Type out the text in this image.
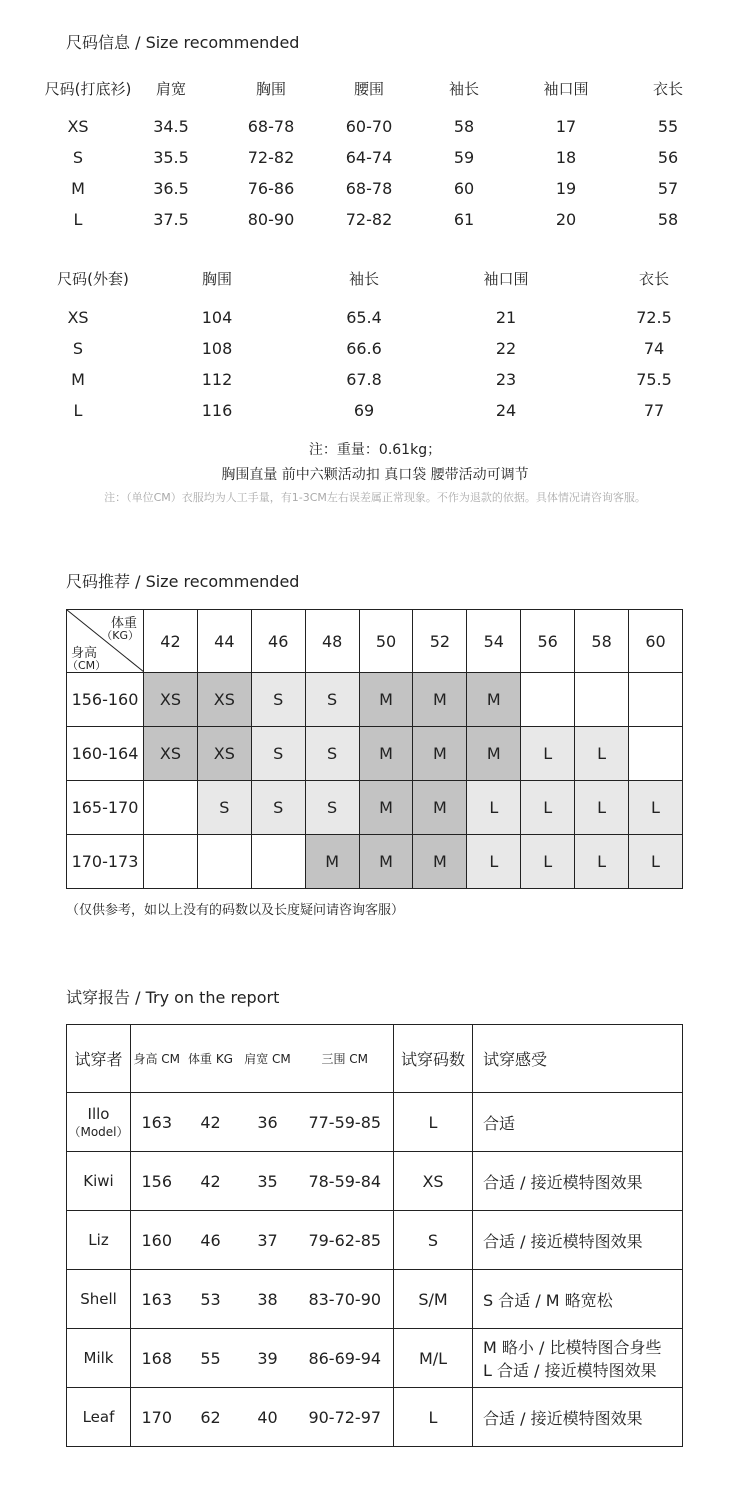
尺码信息 / Size recommended
注：重量：0.61kg；
胸围直量 前中六颗活动扣 真口袋 腰带活动可调节
注：（单位CM）衣服均为人工手量，有1-3CM左右误差属正常现象。不作为退款的依据。具体情况请咨询客服。
尺码推荐 / Size recommended
体重
（KG）
身高
（CM）	42	44	46	48	50	52	54	56	58	60
156-160	XS	XS	S	S	M	M	M			
160-164	XS	XS	S	S	M	M	M	L	L	
165-170		S	S	S	M	M	L	L	L	L
170-173				M	M	M	L	L	L	L
（仅供参考，如以上没有的码数以及长度疑问请咨询客服）
试穿报告 / Try on the report
试穿者	身高 CM	体重 KG	肩宽 CM	三围 CM	试穿码数	试穿感受

Illo
（Model）	163	42	36	77-59-85	L	合适

Kiwi	156	42	35	78-59-84	XS	合适 / 接近模特图效果

Liz	160	46	37	79-62-85	S	合适 / 接近模特图效果

Shell	163	53	38	83-70-90	S/M	S 合适 / M 略宽松

Milk	168	55	39	86-69-94	M/L	M 略小 / 比模特图合身些
L 合适 / 接近模特图效果

Leaf	170	62	40	90-72-97	L	合适 / 接近模特图效果
尺码(打底衫) 肩宽	胸围	腰围	袖长	袖口围	衣长
XS	34.5	68-78	60-70	58	17	55
S	35.5	72-82	64-74	59	18	56
M	36.5	76-86	68-78	60	19	57
L	37.5	80-90	72-82	61	20	58
尺码(外套)	胸围	袖长	袖口围	衣长
XS	104	65.4	21	72.5
S	108	66.6	22	74
M	112	67.8	23	75.5
L	116	69	24	77
